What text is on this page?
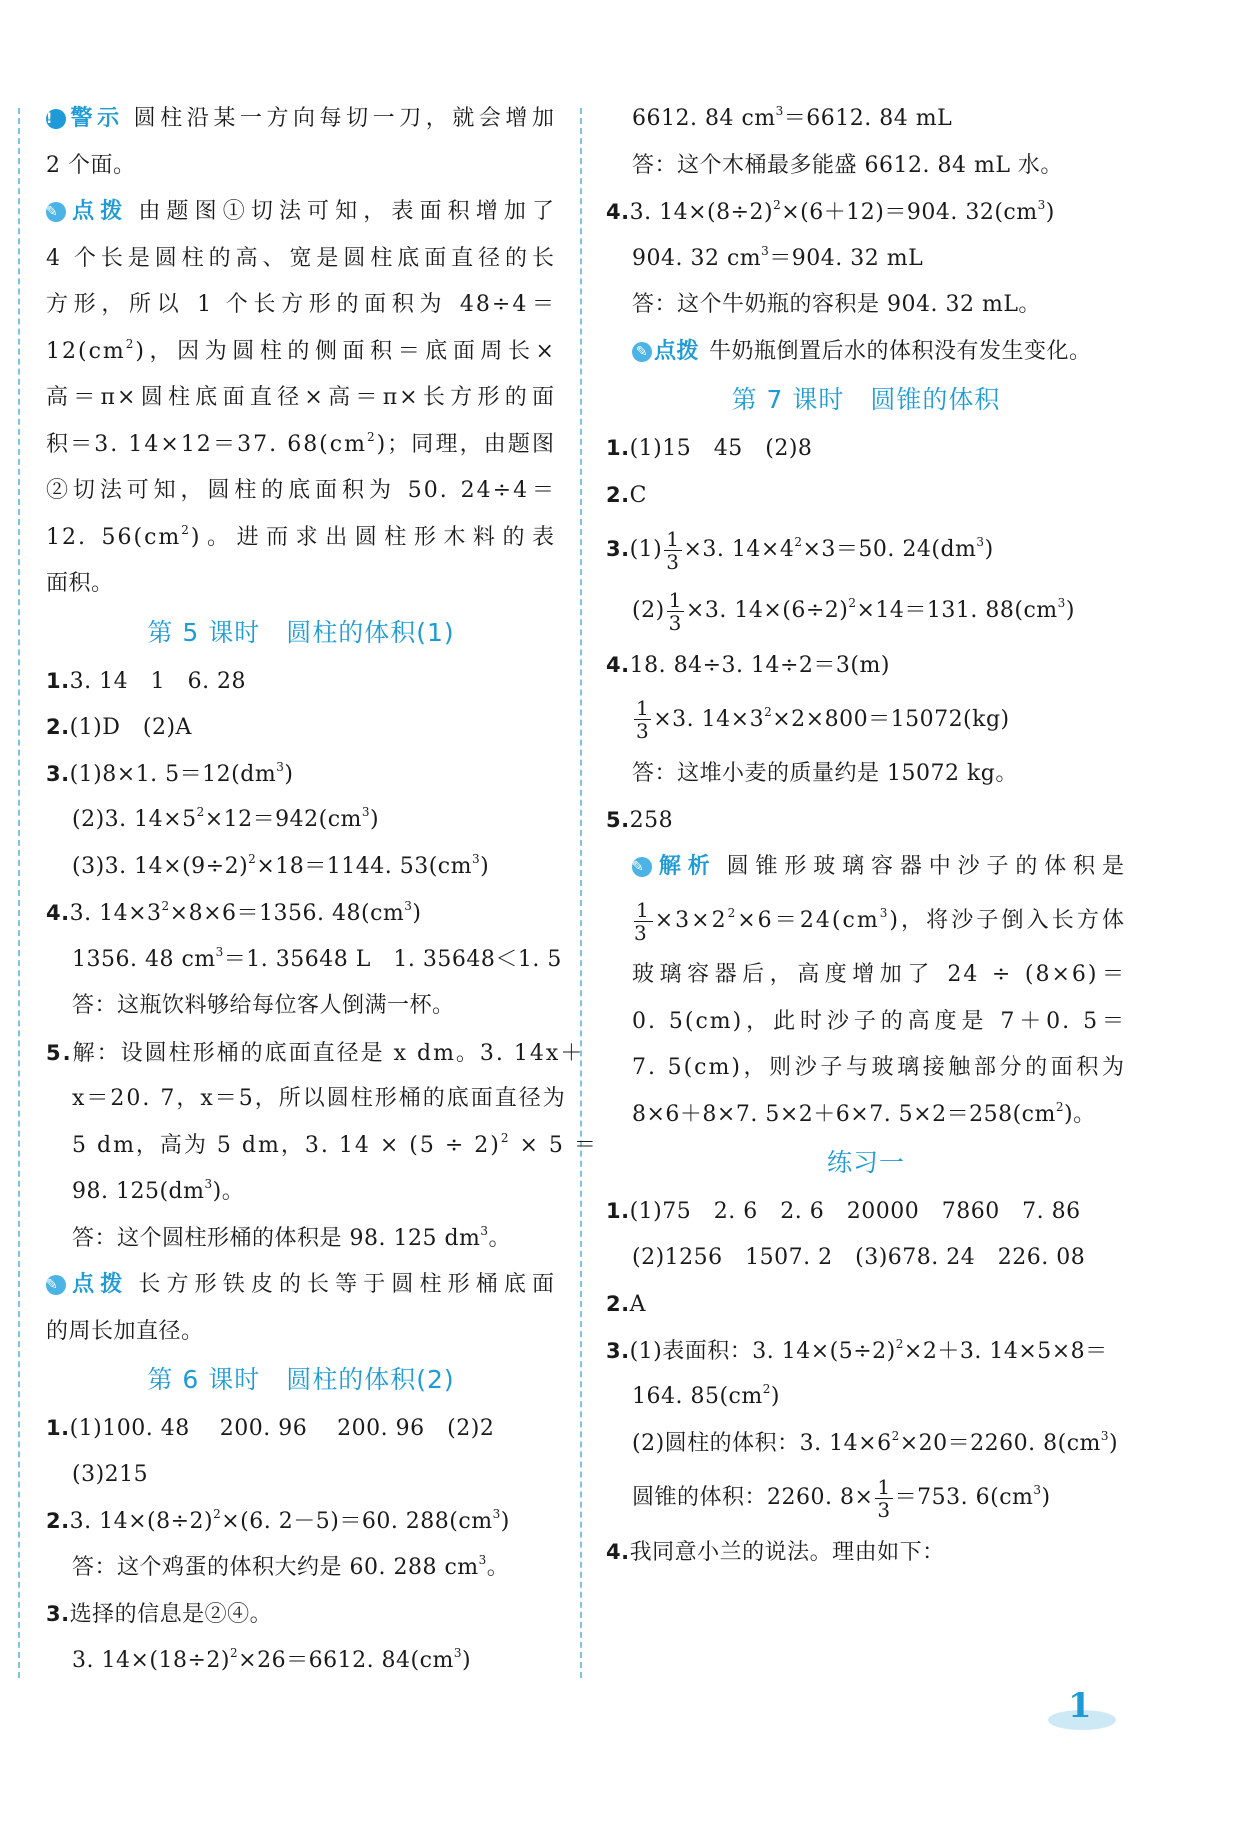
! 警示 圆柱沿某一方向每切一刀，就会增加
2 个面。
✎ 点拨 由题图①切法可知，表面积增加了
4 个长是圆柱的高、宽是圆柱底面直径的长
方形，所以 1 个长方形的面积为 48÷4＝
$12(cm^2)$，因为圆柱的侧面积＝底面周长×
高＝π×圆柱底面直径×高＝π×长方形的面
积＝3. 14×12＝37. $68(cm^2)$；同理，由题图
②切法可知，圆柱的底面积为 50. 24÷4＝
12. $56(cm^2)$。进而求出圆柱形木料的表
面积。
第 5 课时　圆柱的体积(1)
1.3. 14　1　6. 28
2.(1)D　(2)A
3.(1)8×1. $5=12(dm^3)$
(2)3. $14\times 5^2\times 12=942(cm^3)$
(3)3. $14\times(9\div 2)^2\times 18=1144$. $53(cm^3)$
4.3. $14\times 3^2\times 8\times 6=1356$. $48(cm^3)$
1356. 48 $cm^3=1$. 35648 L　1. 35648＜1. 5
答：这瓶饮料够给每位客人倒满一杯。
5.解：设圆柱形桶的底面直径是 x dm。3. 14x＋
x＝20. 7，x＝5，所以圆柱形桶的底面直径为
5 dm，高为 5 dm，3. $14 \times (5 \div 2)^2 \times 5$ ＝
98. $125(dm^3)$。
答：这个圆柱形桶的体积是 98. 125 $dm^3$。
✎ 点拨 长方形铁皮的长等于圆柱形桶底面
的周长加直径。
第 6 课时　圆柱的体积(2)
1.(1)100. 48　 200. 96　 200. 96　(2)2
(3)215
2.3. $14\times(8\div 2)^2\times(6$. 2－5)＝60. $288(cm^3)$
答：这个鸡蛋的体积大约是 60. 288 $cm^3$。
3.选择的信息是②④。
3. $14\times(18\div 2)^2\times 26=6612$. $84(cm^3)$
6612. 84 $cm^3=6612$. 84 mL
答：这个木桶最多能盛 6612. 84 mL 水。
4.3. $14\times(8\div 2)^2\times(6+12)=904$. $32(cm^3)$
904. 32 $cm^3=904$. 32 mL
答：这个牛奶瓶的容积是 904. 32 mL。
✎ 点拨 牛奶瓶倒置后水的体积没有发生变化。
第 7 课时　圆锥的体积
1.(1)15　45　(2)8
2.C
$3.(1) \frac{1}{3} \times 3$. $14\times 4^2\times 3=50$. $24(dm^3)$
$(2) \frac{1}{3} \times 3$. $14\times(6\div 2)^2\times 14=131$. $88(cm^3)$
4.18. 84÷3. 14÷2＝3(m)
$\frac{1}{3} \times 3$. $14\times 3^2\times 2\times 800=15072(kg)$
答：这堆小麦的质量约是 15072 kg。
5.258
✎ 解析 圆锥形玻璃容器中沙子的体积是
$\frac{1}{3} \times 3\times 2^2\times 6=24(cm^3)$，将沙子倒入长方体
玻璃容器后，高度增加了 24 ÷ (8×6)＝
0. 5(cm)，此时沙子的高度是 7＋0. 5＝
7. 5(cm)，则沙子与玻璃接触部分的面积为
8×6＋8×7. 5×2＋6×7. $5\times 2=258(cm^2)$。
练习一
1.(1)75　2. 6　2. 6　20000　7860　7. 86
(2)1256　1507. 2　(3)678. 24　226. 08
2.A
3.(1)表面积：3. $14\times(5\div 2)^2\times 2+3$. 14×5×8＝
164. $85(cm^2)$
(2)圆柱的体积：3. $14\times 6^2\times 20=2260$. $8(cm^3)$
圆锥的体积：2260. $8\times \frac{1}{3} =753$. $6(cm^3)$
4.我同意小兰的说法。理由如下：
1
